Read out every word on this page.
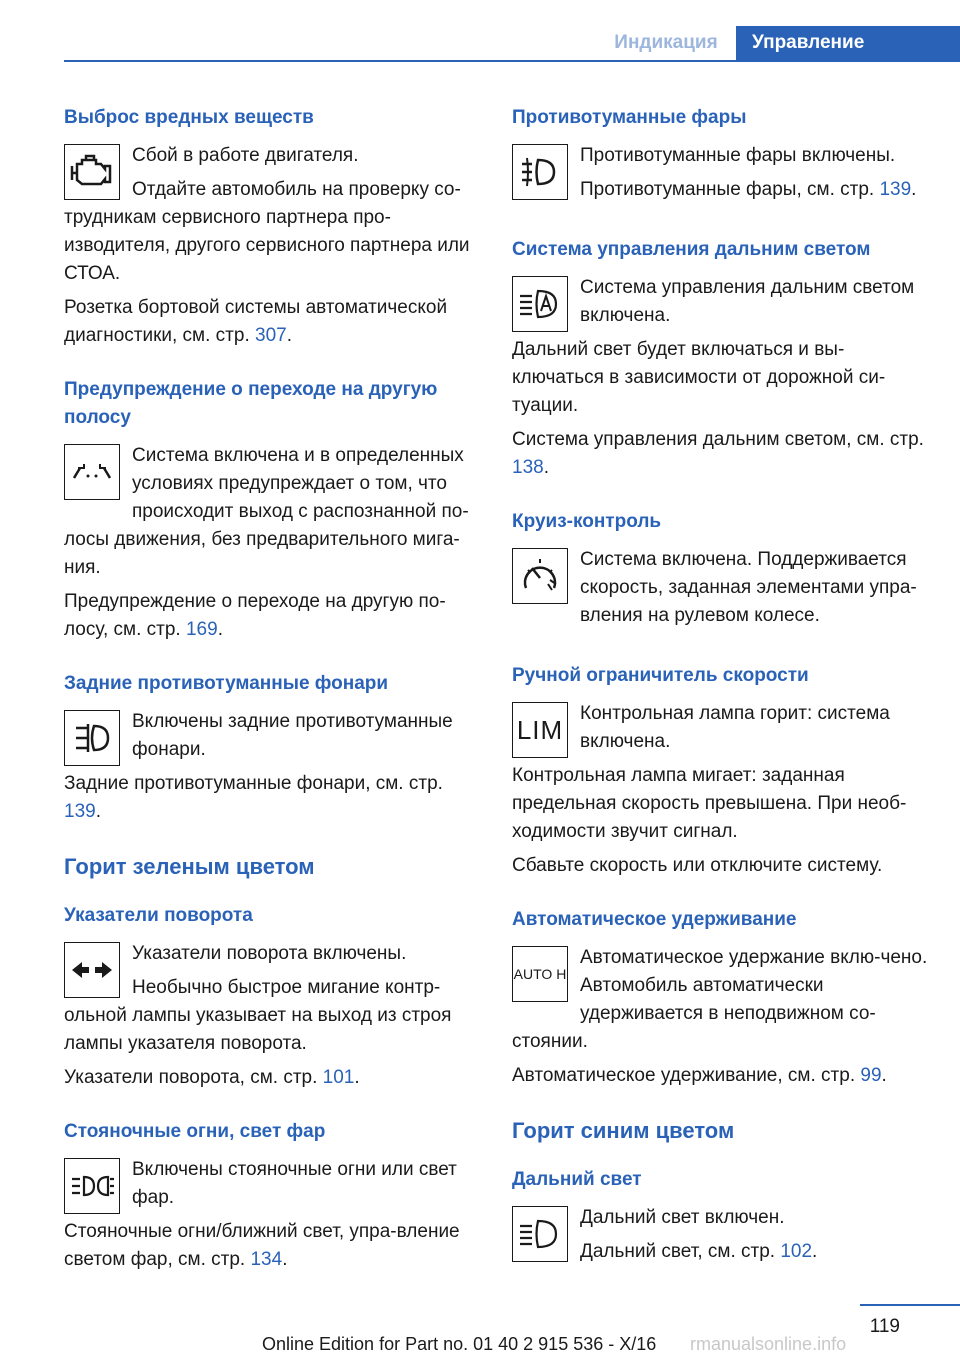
Индикация	Управление
Выброс вредных веществ
Сбой в работе двигателя.
Отдайте автомобиль на проверку со-трудникам сервисного партнера про-изводителя, другого сервисного партнера или СТОА.
Розетка бортовой системы автоматической диагностики, см. стр. 307.
Предупреждение о переходе на другую полосу
Система включена и в определенных условиях предупреждает о том, что происходит выход с распознанной по-лосы движения, без предварительного мига-ния.
Предупреждение о переходе на другую по-лосу, см. стр. 169.
Задние противотуманные фонари
Включены задние противотуманные фонари.
Задние противотуманные фонари, см. стр. 139.
Горит зеленым цветом
Указатели поворота
Указатели поворота включены.
Необычно быстрое мигание контр-ольной лампы указывает на выход из строя лампы указателя поворота.
Указатели поворота, см. стр. 101.
Стояночные огни, свет фар
Включены стояночные огни или свет фар.
Стояночные огни/ближний свет, упра-вление светом фар, см. стр. 134.
Противотуманные фары
Противотуманные фары включены.
Противотуманные фары, см. стр. 139.
Система управления дальним светом
Система управления дальним светом включена.
Дальний свет будет включаться и вы-ключаться в зависимости от дорожной си-туации.
Система управления дальним светом, см. стр. 138.
Круиз-контроль
Система включена. Поддерживается скорость, заданная элементами упра-вления на рулевом колесе.
Ручной ограничитель скорости
LIM
Контрольная лампа горит: система включена.
Контрольная лампа мигает: заданная предельная скорость превышена. При необ-ходимости звучит сигнал.
Сбавьте скорость или отключите систему.
Автоматическое удерживание
AUTO H
Автоматическое удержание вклю-чено. Автомобиль автоматически удерживается в неподвижном со-стоянии.
Автоматическое удерживание, см. стр. 99.
Горит синим цветом
Дальний свет
Дальний свет включен.
Дальний свет, см. стр. 102.
119
Online Edition for Part no. 01 40 2 915 536 - X/16 rmanualsonline.info
